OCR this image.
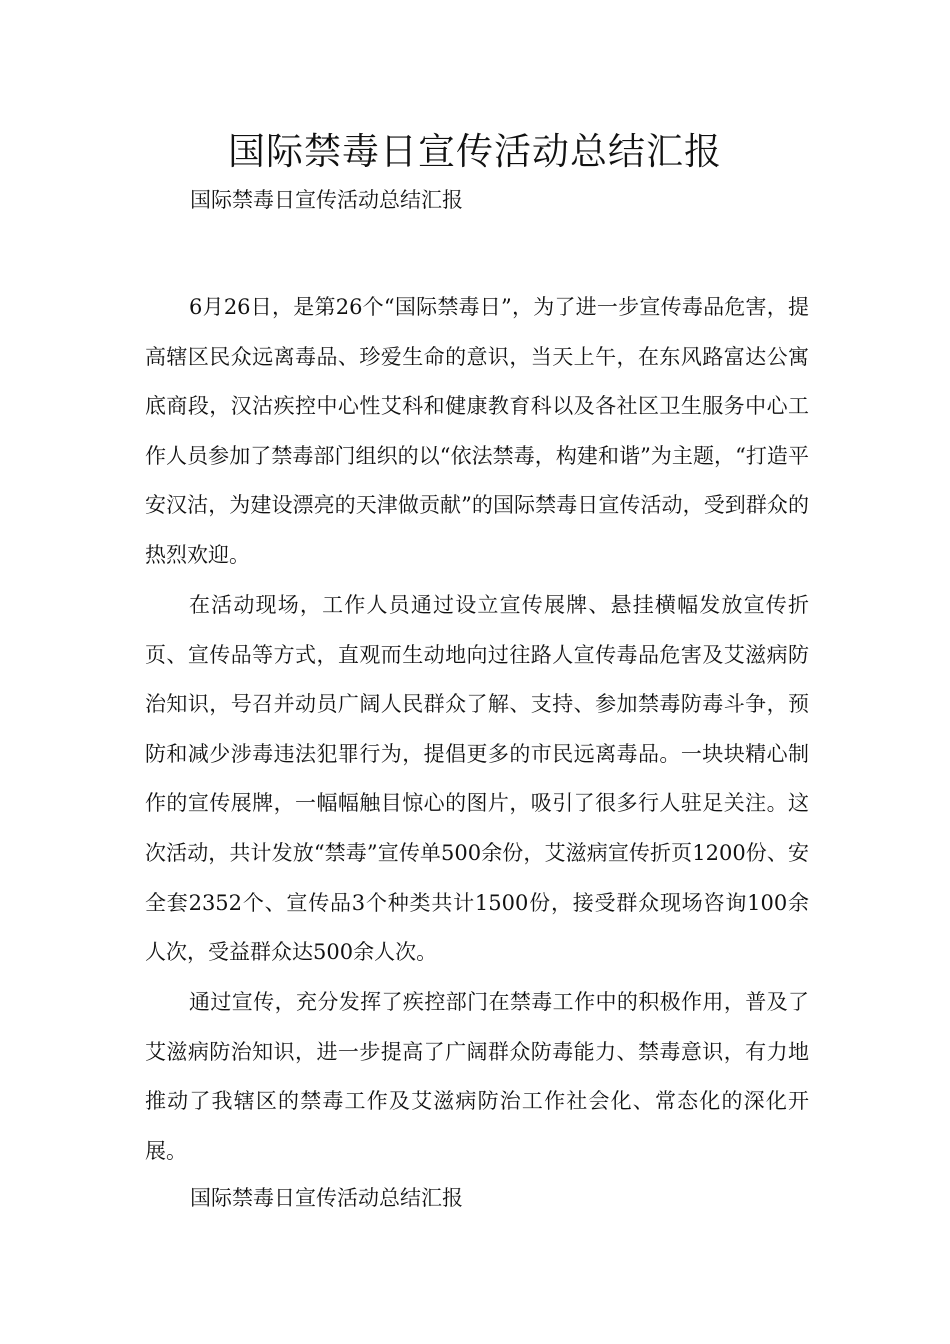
国际禁毒日宣传活动总结汇报

国际禁毒日宣传活动总结汇报

6月26日，是第26个“国际禁毒日”，为了进一步宣传毒品危害，提高辖区民众远离毒品、珍爱生命的意识，当天上午，在东风路富达公寓底商段，汉沽疾控中心性艾科和健康教育科以及各社区卫生服务中心工作人员参加了禁毒部门组织的以“依法禁毒，构建和谐”为主题，“打造平安汉沽，为建设漂亮的天津做贡献”的国际禁毒日宣传活动，受到群众的热烈欢迎。

在活动现场，工作人员通过设立宣传展牌、悬挂横幅发放宣传折页、宣传品等方式，直观而生动地向过往路人宣传毒品危害及艾滋病防治知识，号召并动员广阔人民群众了解、支持、参加禁毒防毒斗争，预防和减少涉毒违法犯罪行为，提倡更多的市民远离毒品。一块块精心制作的宣传展牌，一幅幅触目惊心的图片，吸引了很多行人驻足关注。这次活动，共计发放“禁毒”宣传单500余份，艾滋病宣传折页1200份、安全套2352个、宣传品3个种类共计1500份，接受群众现场咨询100余人次，受益群众达500余人次。

通过宣传，充分发挥了疾控部门在禁毒工作中的积极作用，普及了艾滋病防治知识，进一步提高了广阔群众防毒能力、禁毒意识，有力地推动了我辖区的禁毒工作及艾滋病防治工作社会化、常态化的深化开展。

国际禁毒日宣传活动总结汇报
